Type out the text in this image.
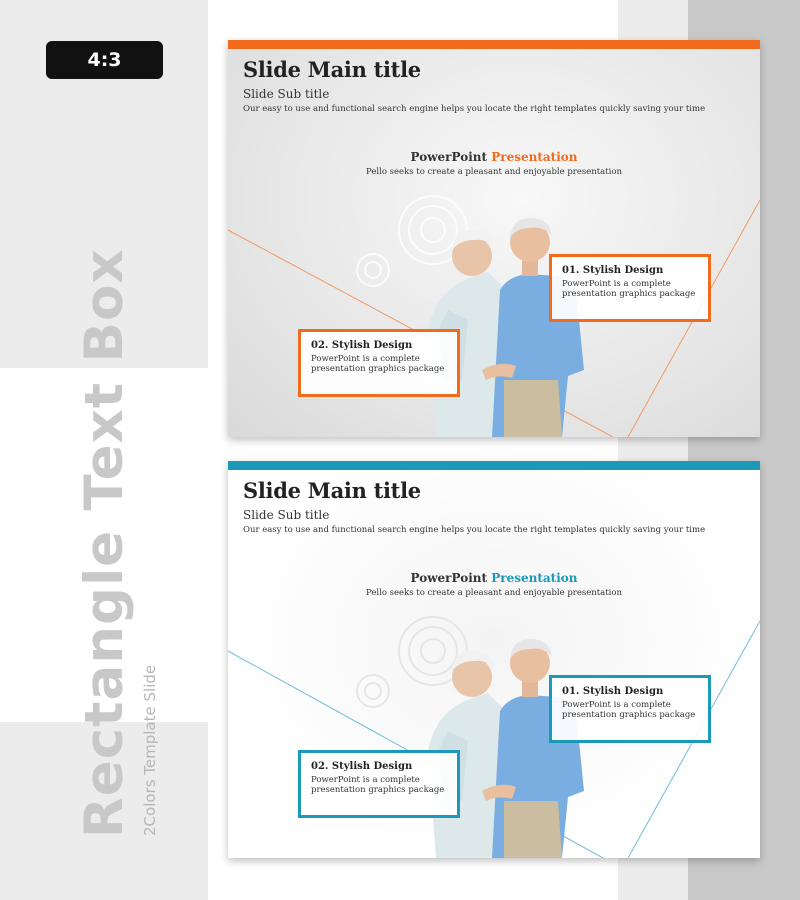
4:3
Rectangle Text Box 2Colors Template Slide
Slide Main title
Slide Sub title
Our easy to use and functional search engine helps you locate the right templates quickly saving your time
PowerPoint Presentation
Pello seeks to create a pleasant and enjoyable presentation
01. Stylish Design
PowerPoint is a complete presentation graphics package
02. Stylish Design
PowerPoint is a complete presentation graphics package
Slide Main title
Slide Sub title
Our easy to use and functional search engine helps you locate the right templates quickly saving your time
PowerPoint Presentation
Pello seeks to create a pleasant and enjoyable presentation
01. Stylish Design
PowerPoint is a complete presentation graphics package
02. Stylish Design
PowerPoint is a complete presentation graphics package
